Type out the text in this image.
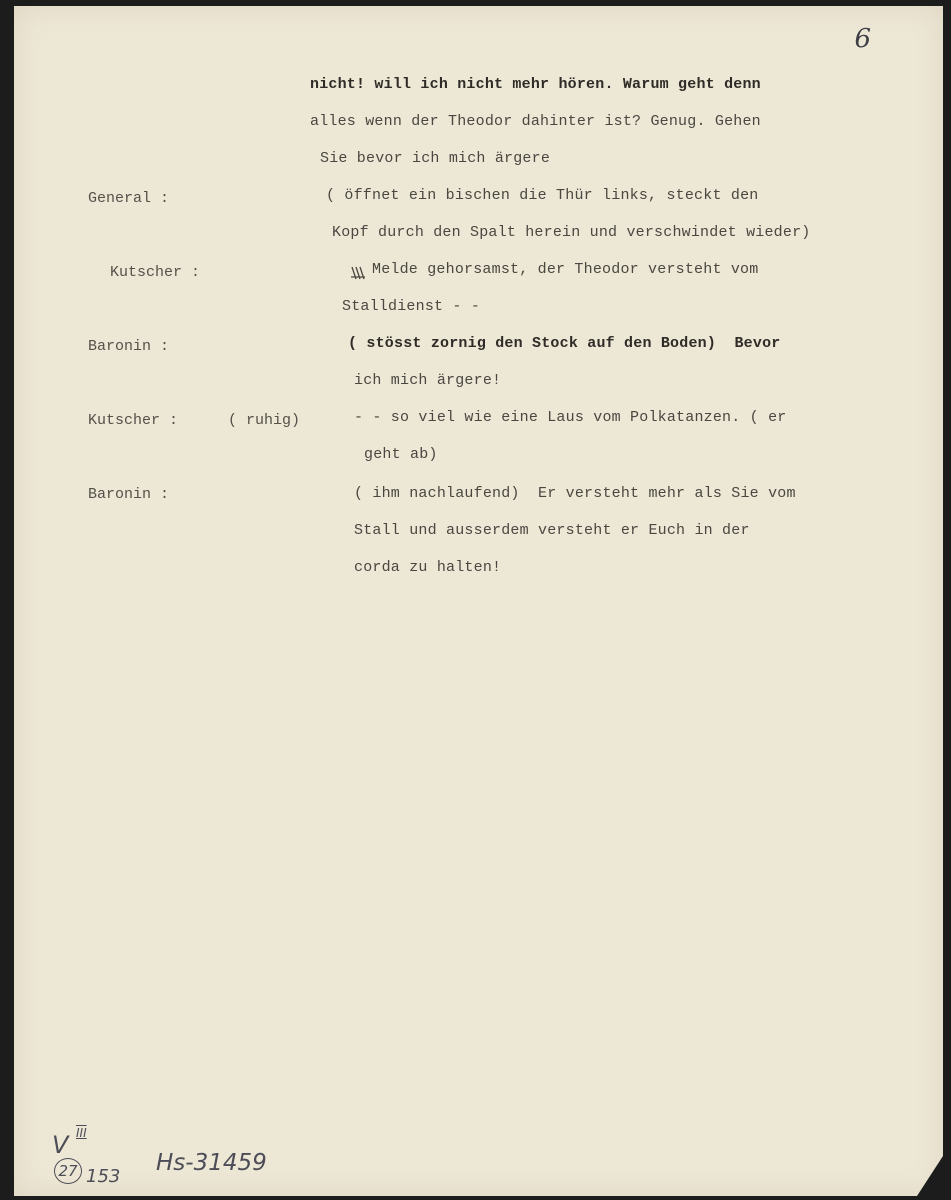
6
nicht! will ich nicht mehr hören. Warum geht denn
alles wenn der Theodor dahinter ist? Genug. Gehen
Sie bevor ich mich ärgere
( öffnet ein bischen die Thür links, steckt den
Kopf durch den Spalt herein und verschwindet wieder)
Melde gehorsamst, der Theodor versteht vom
Stalldienst - -
( stösst zornig den Stock auf den Boden)  Bevor
ich mich ärgere!
- - so viel wie eine Laus vom Polkatanzen. ( er
geht ab)
( ihm nachlaufend)  Er versteht mehr als Sie vom
Stall und ausserdem versteht er Euch in der
corda zu halten!
General :
Kutscher :
Baronin :
Kutscher :	( ruhig)
Baronin :
V III
27 153
Hs-31459
